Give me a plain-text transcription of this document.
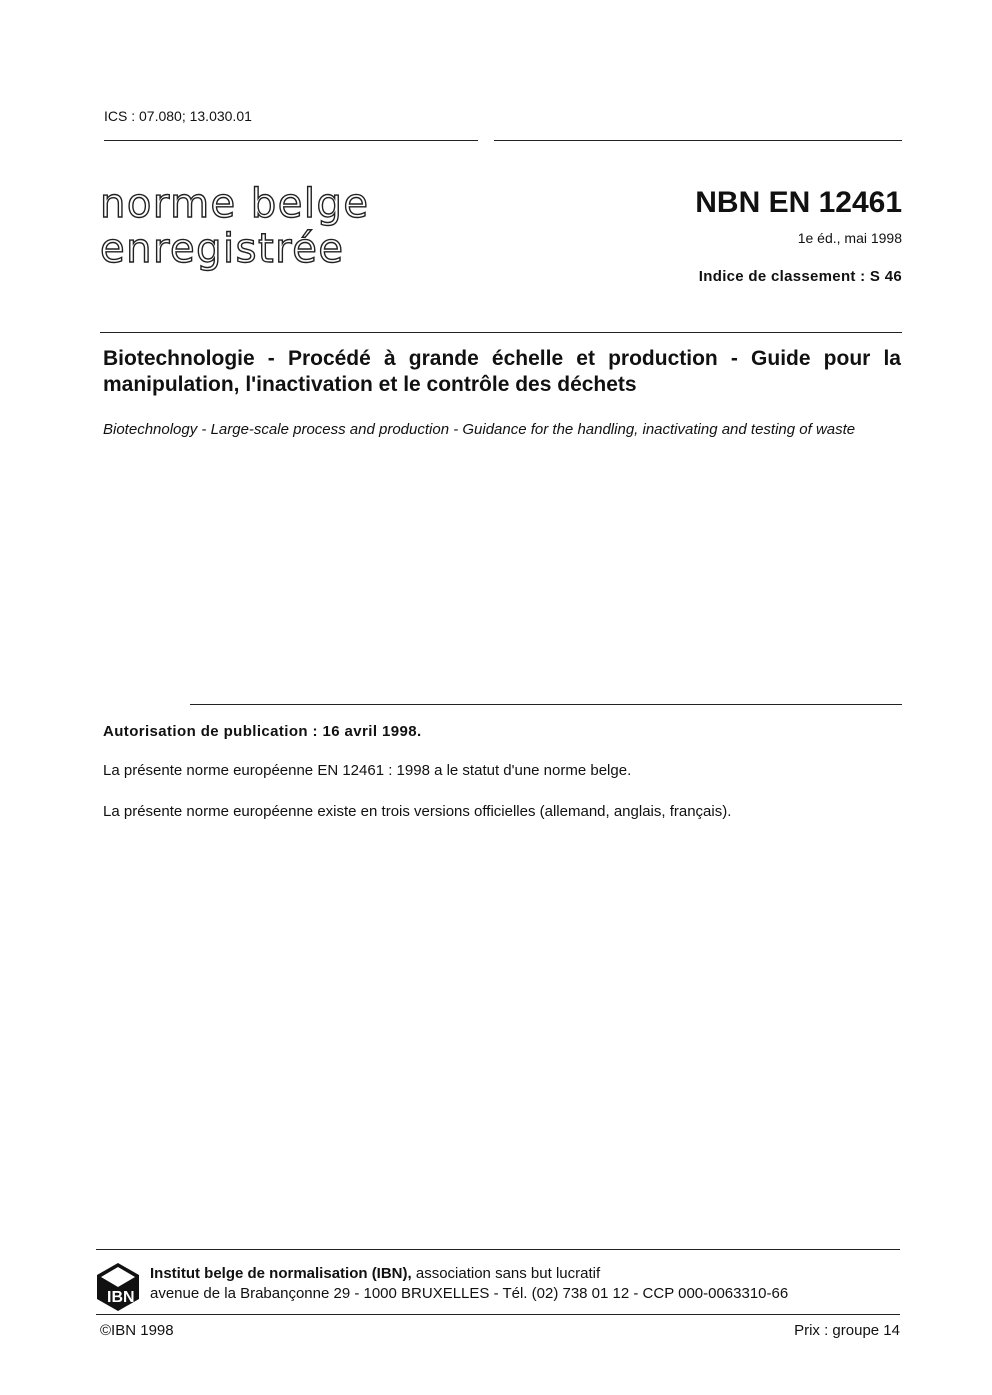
ICS : 07.080; 13.030.01
norme belge
enregistrée
NBN EN 12461
1e éd., mai 1998
Indice de classement : S 46
Biotechnologie - Procédé à grande échelle et production - Guide pour la manipulation, l'inactivation et le contrôle des déchets
Biotechnology - Large-scale process and production - Guidance for the handling, inactivating and testing of waste
Autorisation de publication : 16 avril 1998.
La présente norme européenne EN 12461 : 1998 a le statut d'une norme belge.
La présente norme européenne existe en trois versions officielles (allemand, anglais, français).
IBN
Institut belge de normalisation (IBN), association sans but lucratif
avenue de la Brabançonne 29 - 1000 BRUXELLES - Tél. (02) 738 01 12 - CCP 000-0063310-66
©IBN 1998	Prix : groupe 14
